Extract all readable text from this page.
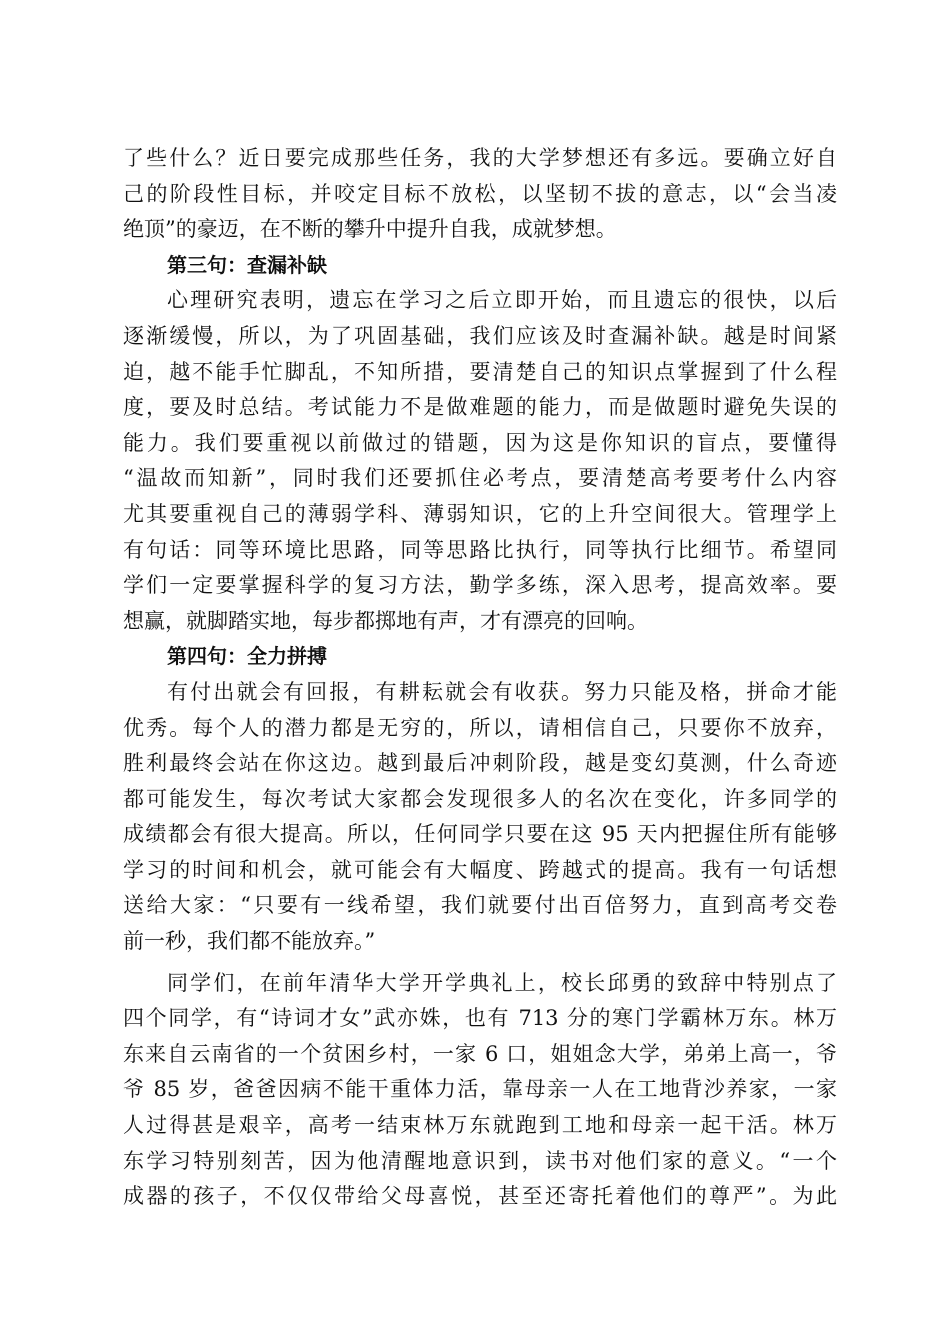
了些什么？近日要完成那些任务，我的大学梦想还有多远。要确立好自
己的阶段性目标，并咬定目标不放松，以坚韧不拔的意志，以“会当凌
绝顶”的豪迈，在不断的攀升中提升自我，成就梦想。
第三句：查漏补缺
心理研究表明，遗忘在学习之后立即开始，而且遗忘的很快，以后
逐渐缓慢，所以，为了巩固基础，我们应该及时查漏补缺。越是时间紧
迫，越不能手忙脚乱，不知所措，要清楚自己的知识点掌握到了什么程
度，要及时总结。考试能力不是做难题的能力，而是做题时避免失误的
能力。我们要重视以前做过的错题，因为这是你知识的盲点，要懂得
“温故而知新”，同时我们还要抓住必考点，要清楚高考要考什么内容
尤其要重视自己的薄弱学科、薄弱知识，它的上升空间很大。管理学上
有句话：同等环境比思路，同等思路比执行，同等执行比细节。希望同
学们一定要掌握科学的复习方法，勤学多练，深入思考，提高效率。要
想赢，就脚踏实地，每步都掷地有声，才有漂亮的回响。
第四句：全力拼搏
有付出就会有回报，有耕耘就会有收获。努力只能及格，拼命才能
优秀。每个人的潜力都是无穷的，所以，请相信自己，只要你不放弃，
胜利最终会站在你这边。越到最后冲刺阶段，越是变幻莫测，什么奇迹
都可能发生，每次考试大家都会发现很多人的名次在变化，许多同学的
成绩都会有很大提高。所以，任何同学只要在这 95 天内把握住所有能够
学习的时间和机会，就可能会有大幅度、跨越式的提高。我有一句话想
送给大家：“只要有一线希望，我们就要付出百倍努力，直到高考交卷
前一秒，我们都不能放弃。”
同学们，在前年清华大学开学典礼上，校长邱勇的致辞中特别点了
四个同学，有“诗词才女”武亦姝，也有 713 分的寒门学霸林万东。林万
东来自云南省的一个贫困乡村，一家 6 口，姐姐念大学，弟弟上高一，爷
爷 85 岁，爸爸因病不能干重体力活，靠母亲一人在工地背沙养家，一家
人过得甚是艰辛，高考一结束林万东就跑到工地和母亲一起干活。林万
东学习特别刻苦，因为他清醒地意识到，读书对他们家的意义。“一个
成器的孩子，不仅仅带给父母喜悦，甚至还寄托着他们的尊严”。为此
